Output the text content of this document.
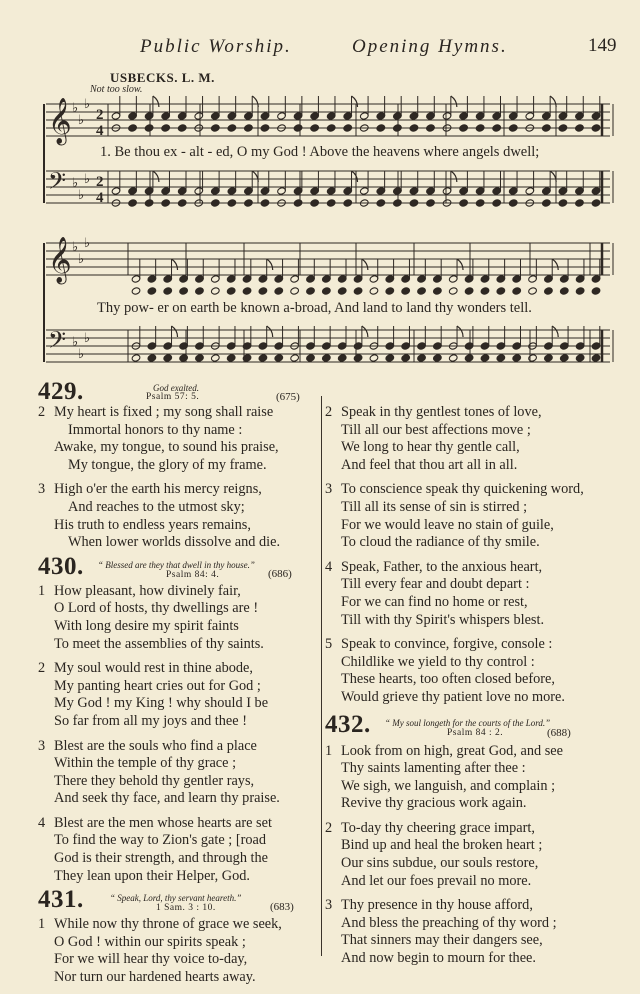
Public Worship.	Opening Hymns.	149
USBECKS. L. M.
Not too slow.
𝄞 ♭
♭
♭
2
4
𝄢 ♭
♭
♭ 2
4
𝄞 ♭
♭
♭
𝄢 ♭
♭
♭
1. Be thou ex - alt - ed, O my God ! Above the heavens where angels dwell;
Thy pow- er on earth be known a-broad, And land to land thy wonders tell.
429.	God exalted.
Psalm 57: 5.	(675)
2 My heart is fixed ; my song shall raise

Immortal honors to thy name :

Awake, my tongue, to sound his praise,

My tongue, the glory of my frame.

3 High o'er the earth his mercy reigns,

And reaches to the utmost sky;

His truth to endless years remains,

When lower worlds dissolve and die.

430. “ Blessed are they that dwell in thy house.”
Psalm 84: 4.	(686)
1 How pleasant, how divinely fair,

O Lord of hosts, thy dwellings are !

With long desire my spirit faints

To meet the assemblies of thy saints.

2 My soul would rest in thine abode,

My panting heart cries out for God ;

My God ! my King ! why should I be

So far from all my joys and thee !

3 Blest are the souls who find a place

Within the temple of thy grace ;

There they behold thy gentler rays,

And seek thy face, and learn thy praise.

4 Blest are the men whose hearts are set

To find the way to Zion's gate ; [road

God is their strength, and through the

They lean upon their Helper, God.

431.	“ Speak, Lord, thy servant heareth.”
1 Sam. 3 : 10.	(683)
1 While now thy throne of grace we seek,

O God ! within our spirits speak ;

For we will hear thy voice to-day,

Nor turn our hardened hearts away.

2 Speak in thy gentlest tones of love,

Till all our best affections move ;

We long to hear thy gentle call,

And feel that thou art all in all.

3 To conscience speak thy quickening word,

Till all its sense of sin is stirred ;

For we would leave no stain of guile,

To cloud the radiance of thy smile.

4 Speak, Father, to the anxious heart,

Till every fear and doubt depart :

For we can find no home or rest,

Till with thy Spirit's whispers blest.

5 Speak to convince, forgive, console :

Childlike we yield to thy control :

These hearts, too often closed before,

Would grieve thy patient love no more.

432. “ My soul longeth for the courts of the Lord.”
Psalm 84 : 2.	(688)
1 Look from on high, great God, and see

Thy saints lamenting after thee :

We sigh, we languish, and complain ;

Revive thy gracious work again.

2 To-day thy cheering grace impart,

Bind up and heal the broken heart ;

Our sins subdue, our souls restore,

And let our foes prevail no more.

3 Thy presence in thy house afford,

And bless the preaching of thy word ;

That sinners may their dangers see,

And now begin to mourn for thee.
